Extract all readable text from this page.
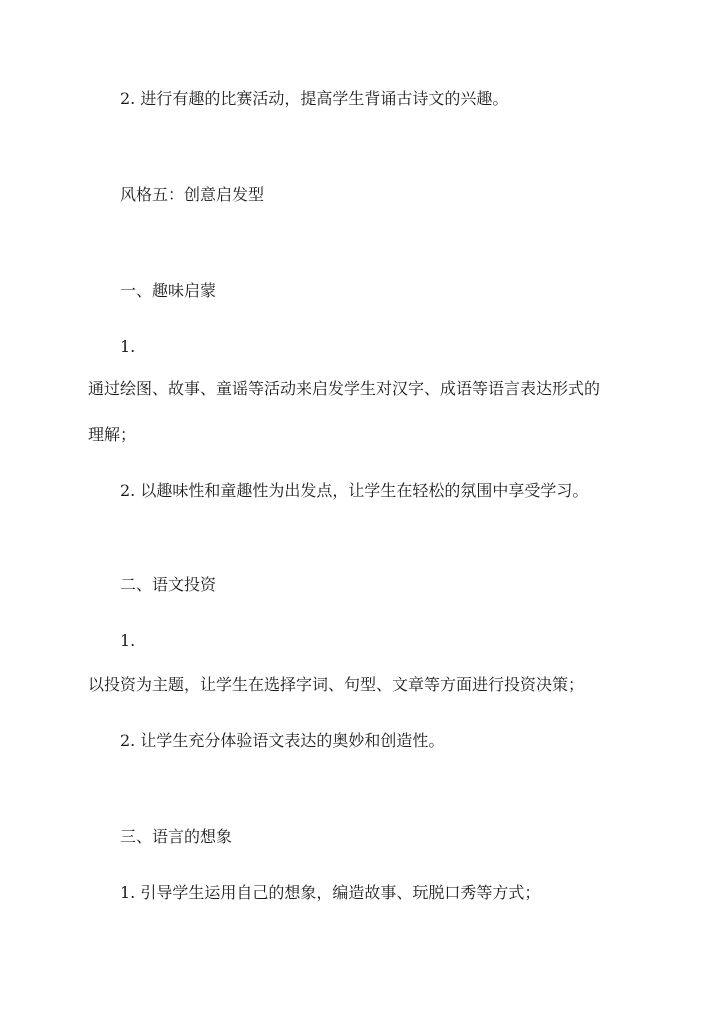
2. 进行有趣的比赛活动，提高学生背诵古诗文的兴趣。

风格五：创意启发型

一、趣味启蒙

1.

通过绘图、故事、童谣等活动来启发学生对汉字、成语等语言表达形式的

理解；

2. 以趣味性和童趣性为出发点，让学生在轻松的氛围中享受学习。

二、语文投资

1.

以投资为主题，让学生在选择字词、句型、文章等方面进行投资决策；

2. 让学生充分体验语文表达的奥妙和创造性。

三、语言的想象

1. 引导学生运用自己的想象，编造故事、玩脱口秀等方式；
